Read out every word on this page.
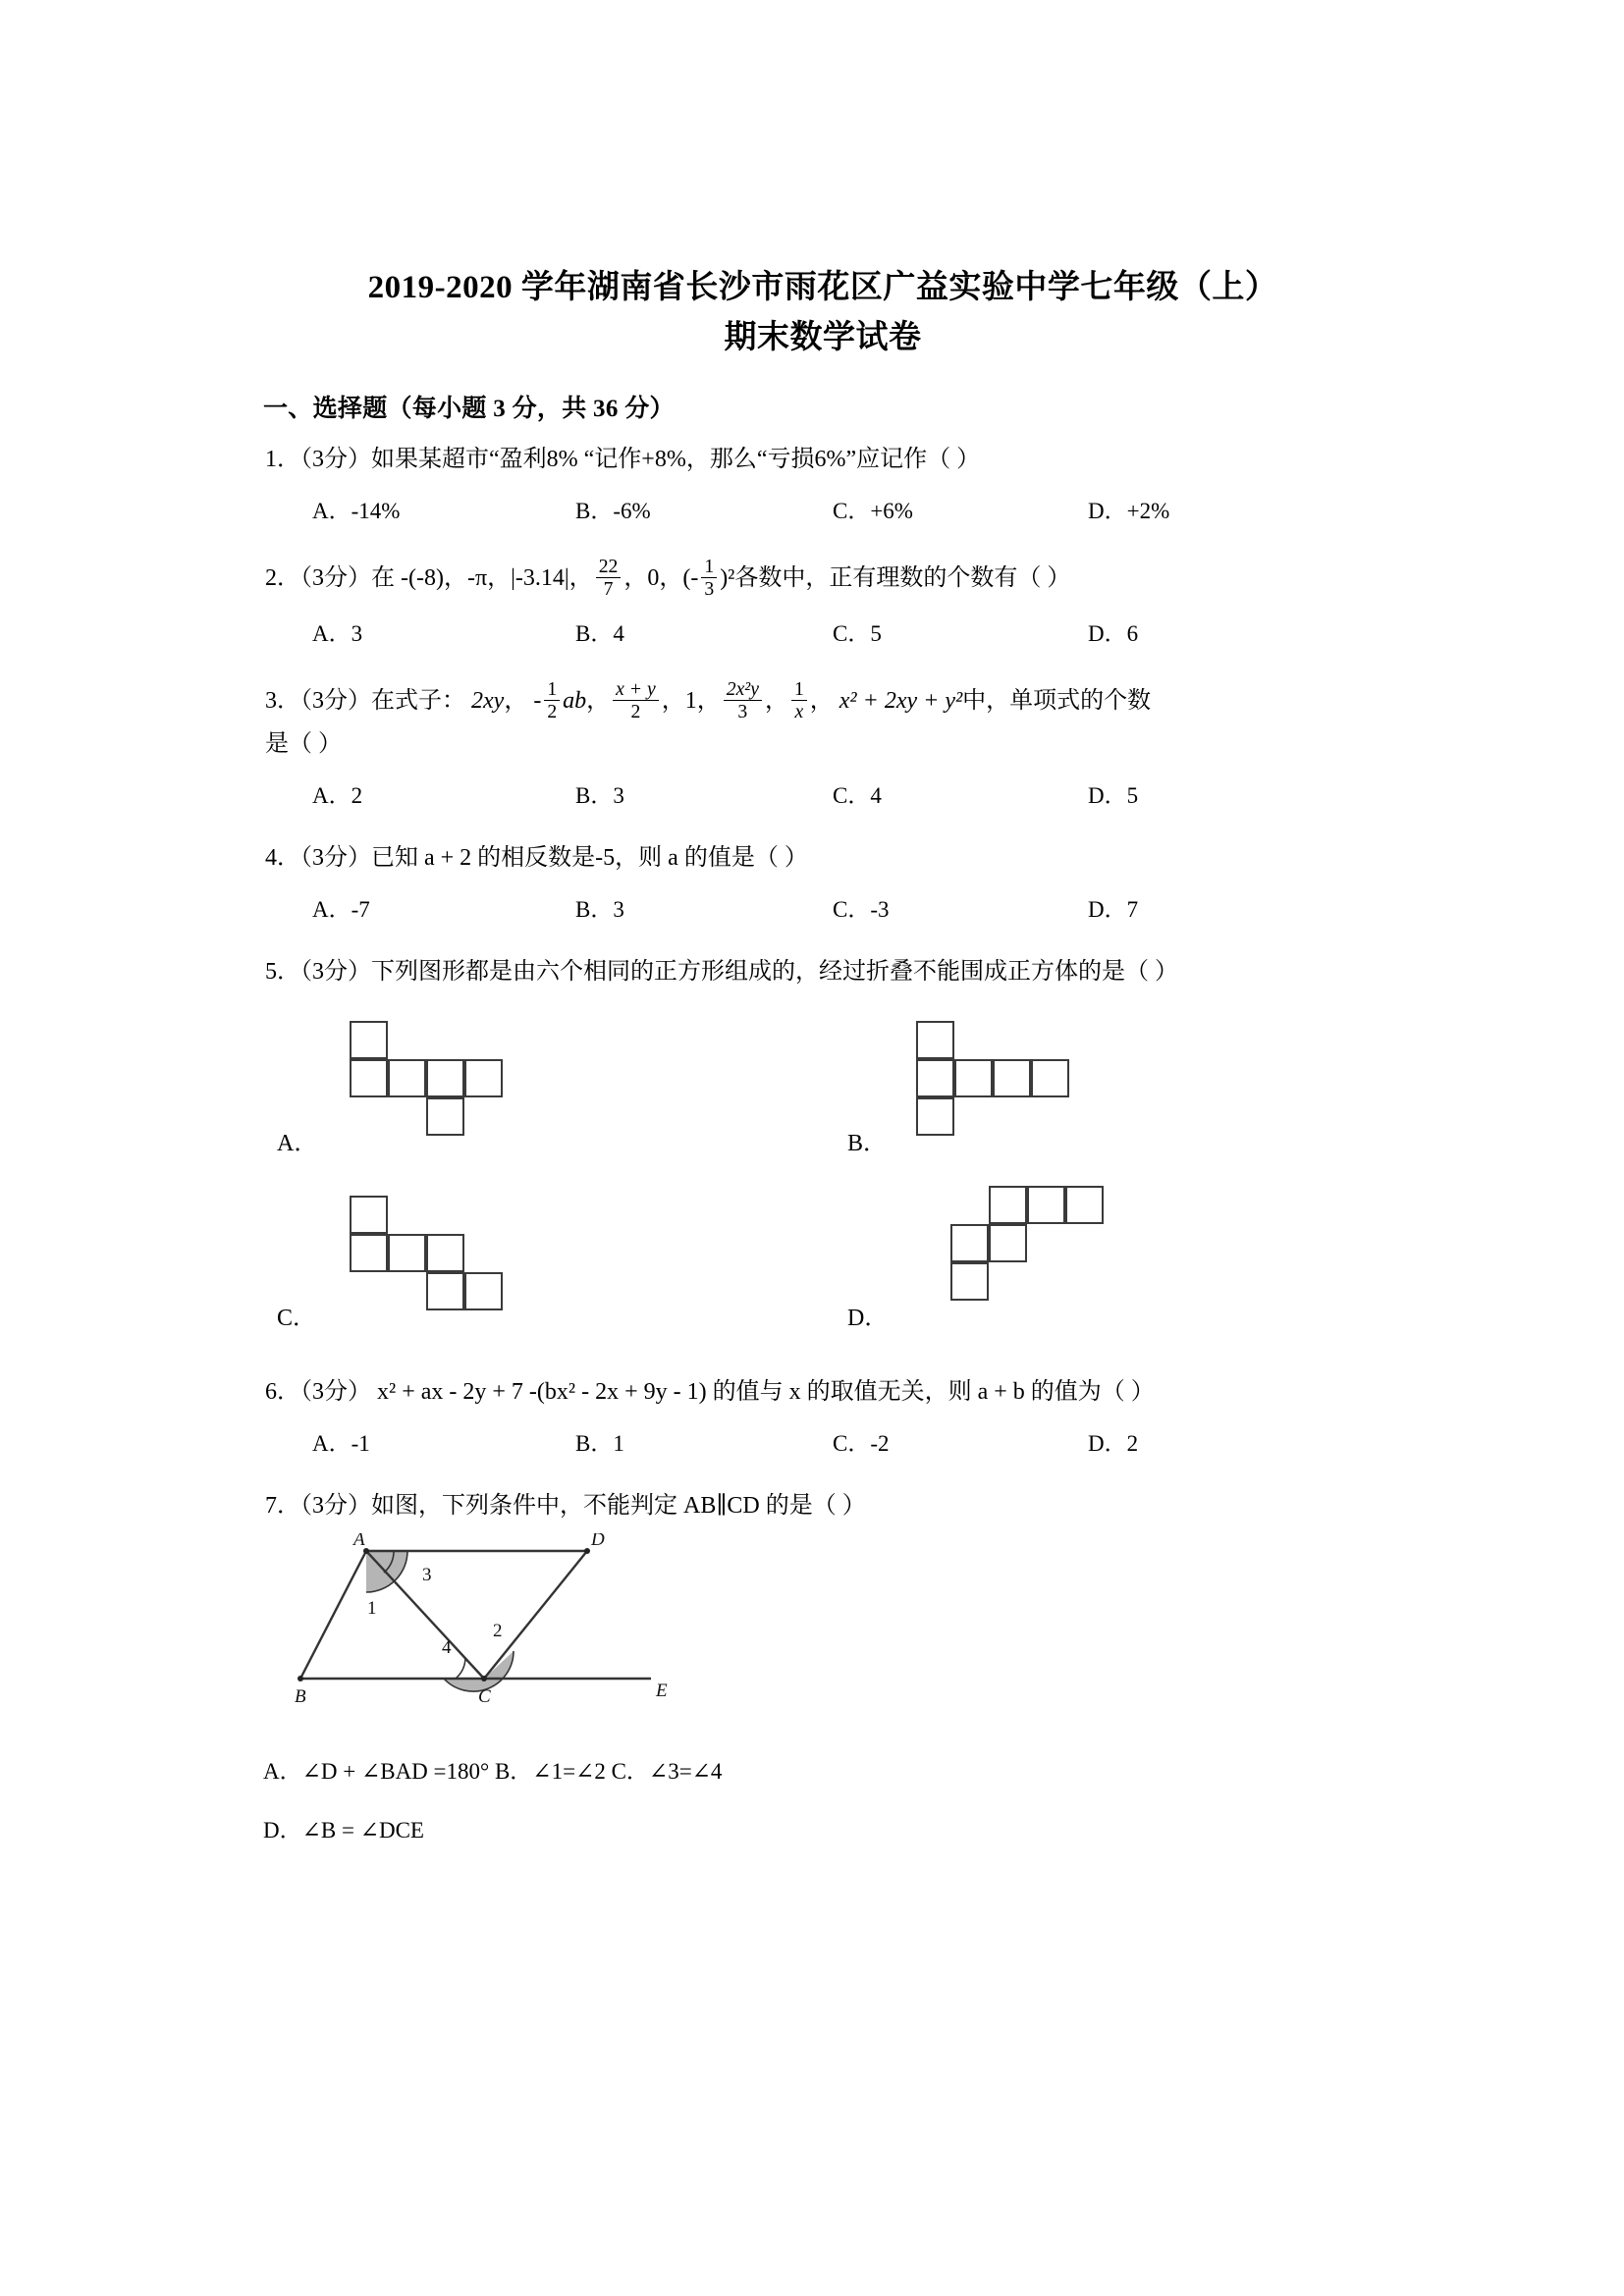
2019-2020 学年湖南省长沙市雨花区广益实验中学七年级（上）
期末数学试卷
一、选择题（每小题 3 分，共 36 分）
1．（3分）如果某超市“盈利8% “记作+8%，那么“亏损6%”应记作（ ）
A．-14%	B．-6%	C．+6%	D．+2%
2．（3分）在 -(-8)，-π，|-3.14|， $\frac{22}{7}$ ，0，(- $\frac{1}{3} )^2$各数中，正有理数的个数有（ ）
A．3	B．4	C．5	D．6
3．（3分）在式子： 2xy， - $\frac{1}{2}$ ab， $\frac{x + y}{2}$ ，1， $\frac{\text{2x²y}}{3}$ ， $\frac{1}{x}$ ， x² + 2xy + y²中，单项式的个数
是（ ）
A．2	B．3	C．4	D．5
4．（3分）已知 a + 2 的相反数是-5，则 a 的值是（ ）
A．-7	B．3	C．-3	D．7
5．（3分）下列图形都是由六个相同的正方形组成的，经过折叠不能围成正方体的是（ ）
A．	B．
C．	D．
6．（3分） x² + ax - 2y + 7 -(bx² - 2x + 9y - 1) 的值与 x 的取值无关，则 a + b 的值为（ ）
A．-1	B．1	C．-2	D．2
7．（3分）如图，下列条件中，不能判定 AB∥CD 的是（ ）
A	D
B	C	E
1
2
3
4
A．∠D + ∠BAD =180° B．∠1=∠2 C．∠3=∠4
D．∠B = ∠DCE
